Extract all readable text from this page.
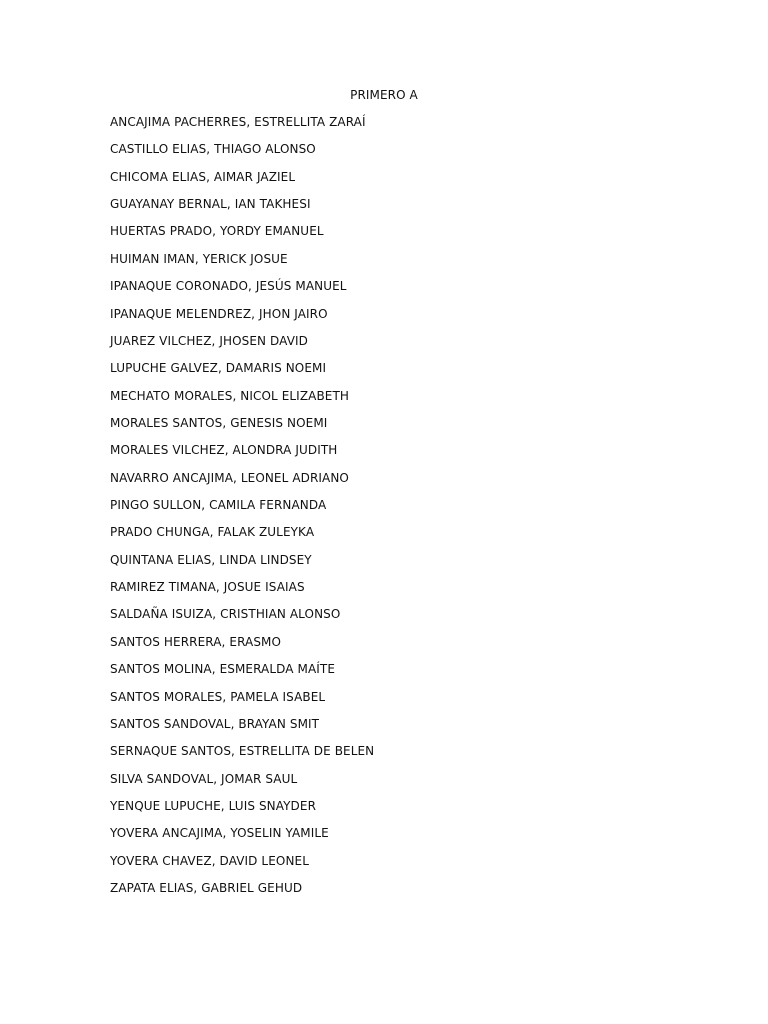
PRIMERO A
ANCAJIMA PACHERRES, ESTRELLITA ZARAÍ
CASTILLO ELIAS, THIAGO ALONSO
CHICOMA ELIAS, AIMAR JAZIEL
GUAYANAY BERNAL, IAN TAKHESI
HUERTAS PRADO, YORDY EMANUEL
HUIMAN IMAN, YERICK JOSUE
IPANAQUE CORONADO, JESÚS MANUEL
IPANAQUE MELENDREZ, JHON JAIRO
JUAREZ VILCHEZ, JHOSEN DAVID
LUPUCHE GALVEZ, DAMARIS NOEMI
MECHATO MORALES, NICOL ELIZABETH
MORALES SANTOS, GENESIS NOEMI
MORALES VILCHEZ, ALONDRA JUDITH
NAVARRO ANCAJIMA, LEONEL ADRIANO
PINGO SULLON, CAMILA FERNANDA
PRADO CHUNGA, FALAK ZULEYKA
QUINTANA ELIAS, LINDA LINDSEY
RAMIREZ TIMANA, JOSUE ISAIAS
SALDAÑA ISUIZA, CRISTHIAN ALONSO
SANTOS HERRERA, ERASMO
SANTOS MOLINA, ESMERALDA MAÍTE
SANTOS MORALES, PAMELA ISABEL
SANTOS SANDOVAL, BRAYAN SMIT
SERNAQUE SANTOS, ESTRELLITA DE BELEN
SILVA SANDOVAL, JOMAR SAUL
YENQUE LUPUCHE, LUIS SNAYDER
YOVERA ANCAJIMA, YOSELIN YAMILE
YOVERA CHAVEZ, DAVID LEONEL
ZAPATA ELIAS, GABRIEL GEHUD
